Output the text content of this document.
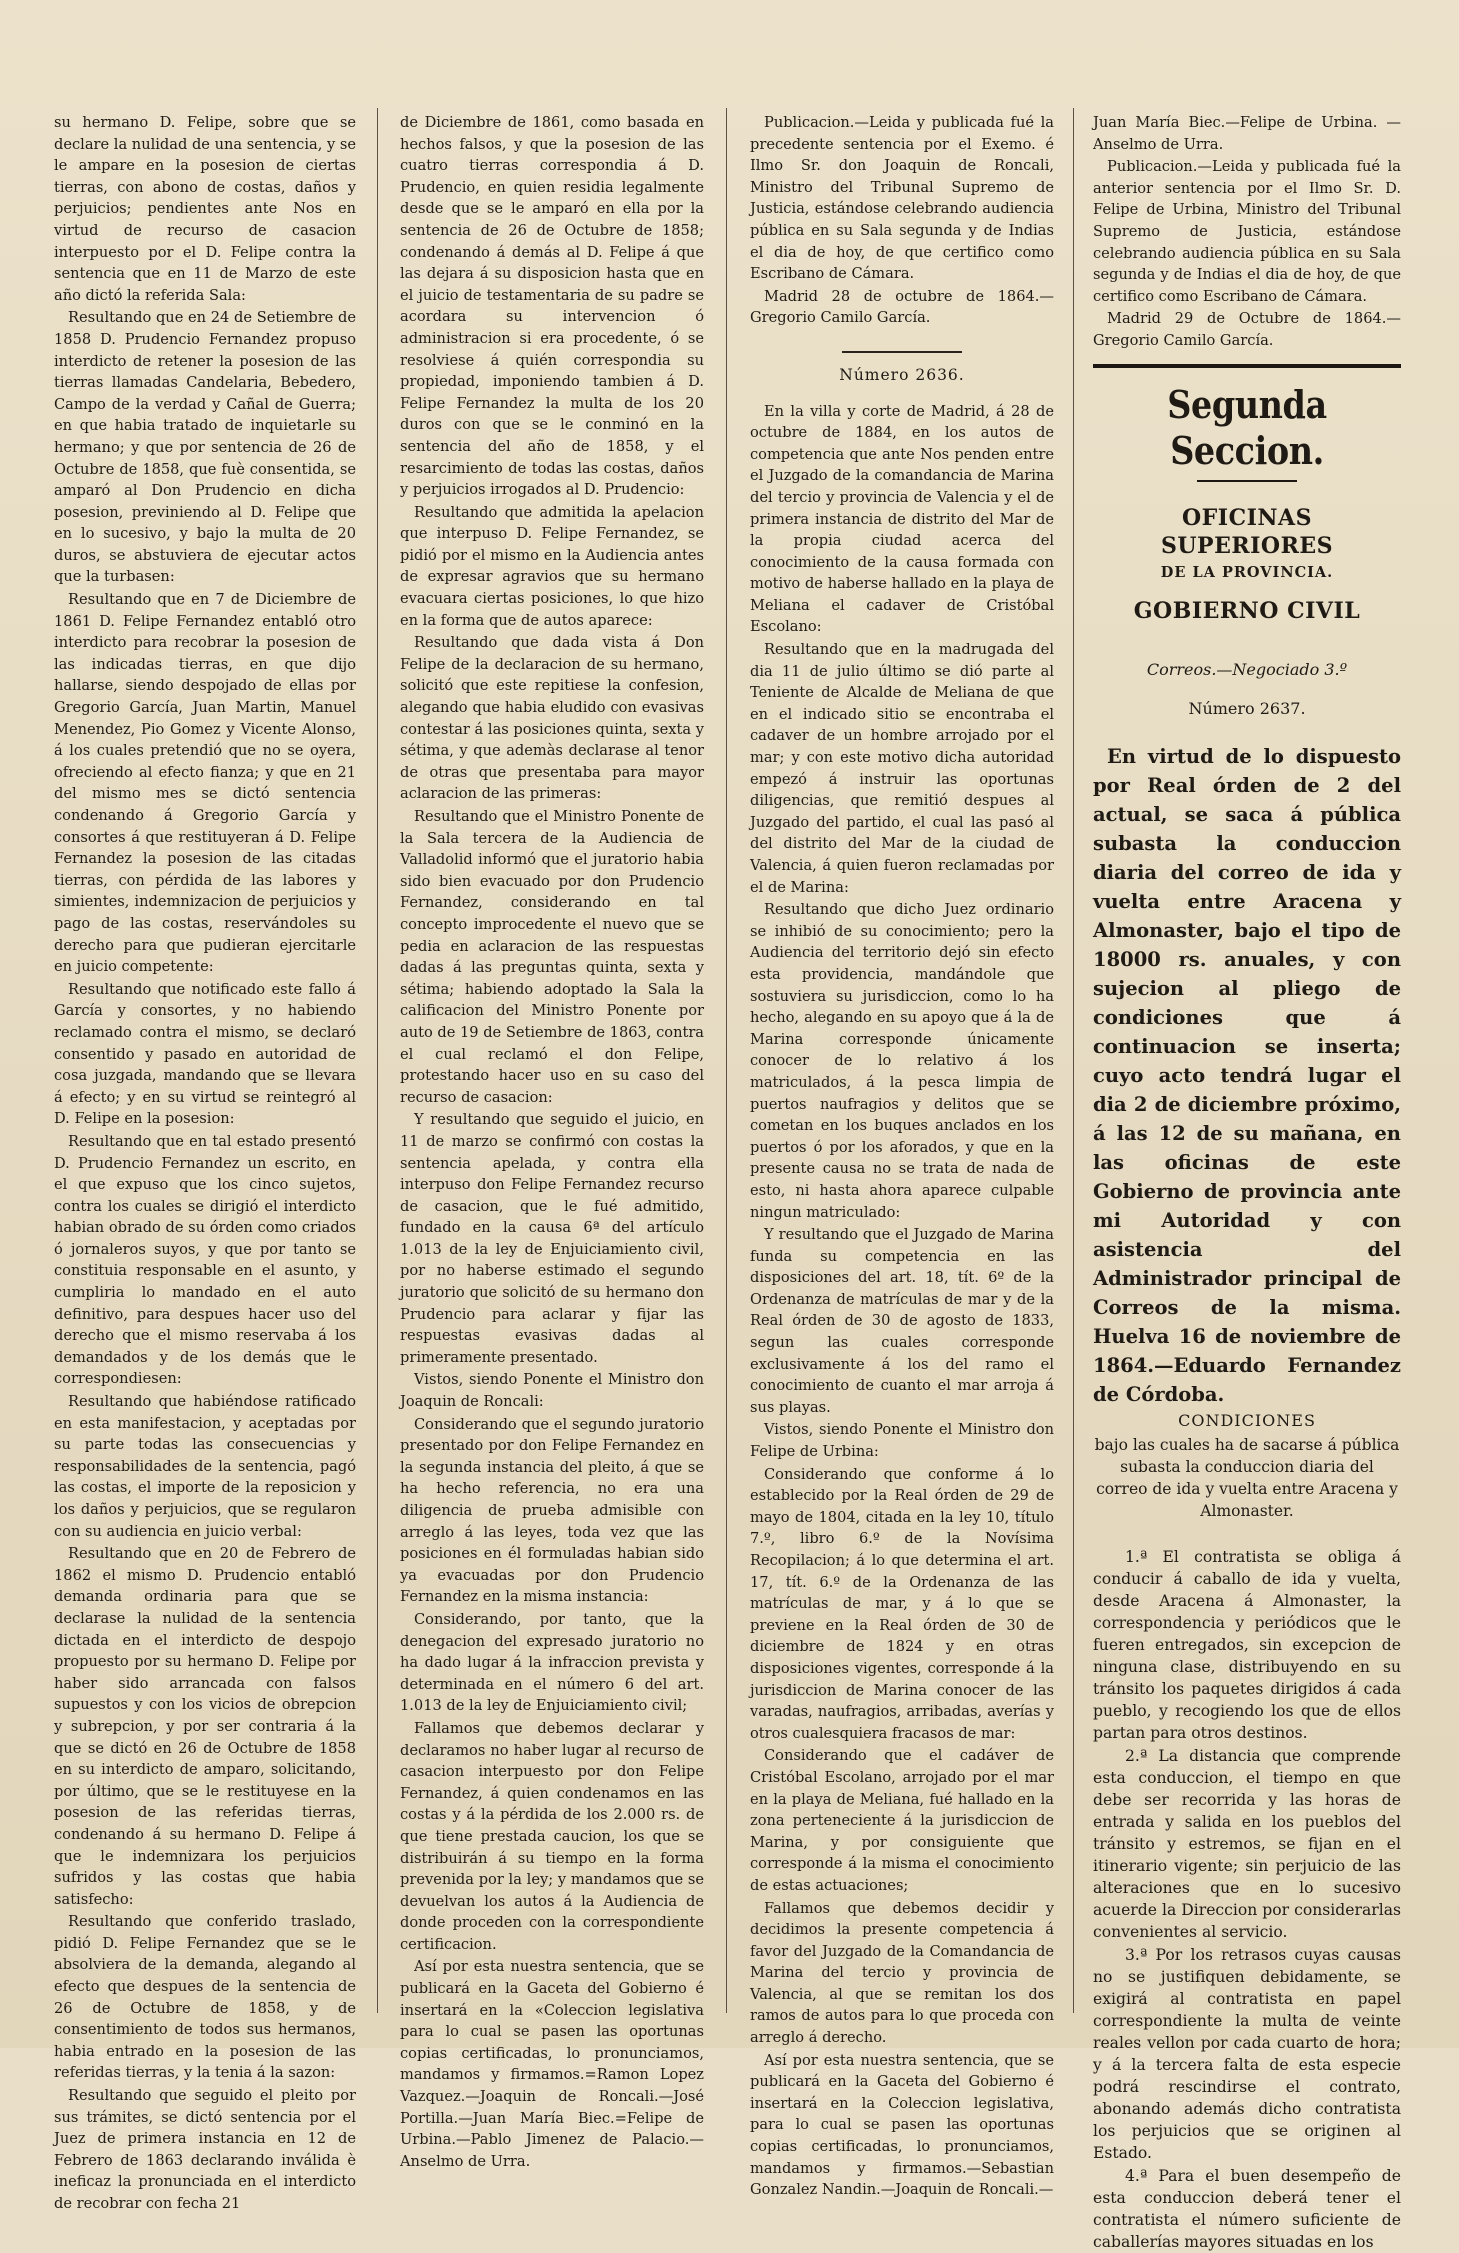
su hermano D. Felipe, sobre que se declare la nulidad de una sentencia, y se le ampare en la posesion de ciertas tierras, con abono de costas, daños y perjuicios; pendientes ante Nos en virtud de recurso de casacion interpuesto por el D. Felipe contra la sentencia que en 11 de Marzo de este año dictó la referida Sala:

Resultando que en 24 de Setiembre de 1858 D. Prudencio Fernandez propuso interdicto de retener la posesion de las tierras llamadas Candelaria, Bebedero, Campo de la verdad y Cañal de Guerra; en que habia tratado de inquietarle su hermano; y que por sentencia de 26 de Octubre de 1858, que fuè consentida, se amparó al Don Prudencio en dicha posesion, previniendo al D. Felipe que en lo sucesivo, y bajo la multa de 20 duros, se abstuviera de ejecutar actos que la turbasen:

Resultando que en 7 de Diciembre de 1861 D. Felipe Fernandez entabló otro interdicto para recobrar la posesion de las indicadas tierras, en que dijo hallarse, siendo despojado de ellas por Gregorio García, Juan Martin, Manuel Menendez, Pio Gomez y Vicente Alonso, á los cuales pretendió que no se oyera, ofreciendo al efecto fianza; y que en 21 del mismo mes se dictó sentencia condenando á Gregorio García y consortes á que restituyeran á D. Felipe Fernandez la posesion de las citadas tierras, con pérdida de las labores y simientes, indemnizacion de perjuicios y pago de las costas, reservándoles su derecho para que pudieran ejercitarle en juicio competente:

Resultando que notificado este fallo á García y consortes, y no habiendo reclamado contra el mismo, se declaró consentido y pasado en autoridad de cosa juzgada, mandando que se llevara á efecto; y en su virtud se reintegró al D. Felipe en la posesion:

Resultando que en tal estado presentó D. Prudencio Fernandez un escrito, en el que expuso que los cinco sujetos, contra los cuales se dirigió el interdicto habian obrado de su órden como criados ó jornaleros suyos, y que por tanto se constituia responsable en el asunto, y cumpliria lo mandado en el auto definitivo, para despues hacer uso del derecho que el mismo reservaba á los demandados y de los demás que le correspondiesen:

Resultando que habiéndose ratificado en esta manifestacion, y aceptadas por su parte todas las consecuencias y responsabilidades de la sentencia, pagó las costas, el importe de la reposicion y los daños y perjuicios, que se regularon con su audiencia en juicio verbal:

Resultando que en 20 de Febrero de 1862 el mismo D. Prudencio entabló demanda ordinaria para que se declarase la nulidad de la sentencia dictada en el interdicto de despojo propuesto por su hermano D. Felipe por haber sido arrancada con falsos supuestos y con los vicios de obrepcion y subrepcion, y por ser contraria á la que se dictó en 26 de Octubre de 1858 en su interdicto de amparo, solicitando, por último, que se le restituyese en la posesion de las referidas tierras, condenando á su hermano D. Felipe á que le indemnizara los perjuicios sufridos y las costas que habia satisfecho:

Resultando que conferido traslado, pidió D. Felipe Fernandez que se le absolviera de la demanda, alegando al efecto que despues de la sentencia de 26 de Octubre de 1858, y de consentimiento de todos sus hermanos, habia entrado en la posesion de las referidas tierras, y la tenia á la sazon:

Resultando que seguido el pleito por sus trámites, se dictó sentencia por el Juez de primera instancia en 12 de Febrero de 1863 declarando inválida è ineficaz la pronunciada en el interdicto de recobrar con fecha 21

de Diciembre de 1861, como basada en hechos falsos, y que la posesion de las cuatro tierras correspondia á D. Prudencio, en quien residia legalmente desde que se le amparó en ella por la sentencia de 26 de Octubre de 1858; condenando á demás al D. Felipe á que las dejara á su disposicion hasta que en el juicio de testamentaria de su padre se acordara su intervencion ó administracion si era procedente, ó se resolviese á quién correspondia su propiedad, imponiendo tambien á D. Felipe Fernandez la multa de los 20 duros con que se le conminó en la sentencia del año de 1858, y el resarcimiento de todas las costas, daños y perjuicios irrogados al D. Prudencio:

Resultando que admitida la apelacion que interpuso D. Felipe Fernandez, se pidió por el mismo en la Audiencia antes de expresar agravios que su hermano evacuara ciertas posiciones, lo que hizo en la forma que de autos aparece:

Resultando que dada vista á Don Felipe de la declaracion de su hermano, solicitó que este repitiese la confesion, alegando que habia eludido con evasivas contestar á las posiciones quinta, sexta y sétima, y que ademàs declarase al tenor de otras que presentaba para mayor aclaracion de las primeras:

Resultando que el Ministro Ponente de la Sala tercera de la Audiencia de Valladolid informó que el juratorio habia sido bien evacuado por don Prudencio Fernandez, considerando en tal concepto improcedente el nuevo que se pedia en aclaracion de las respuestas dadas á las preguntas quinta, sexta y sétima; habiendo adoptado la Sala la calificacion del Ministro Ponente por auto de 19 de Setiembre de 1863, contra el cual reclamó el don Felipe, protestando hacer uso en su caso del recurso de casacion:

Y resultando que seguido el juicio, en 11 de marzo se confirmó con costas la sentencia apelada, y contra ella interpuso don Felipe Fernandez recurso de casacion, que le fué admitido, fundado en la causa 6ª del artículo 1.013 de la ley de Enjuiciamiento civil, por no haberse estimado el segundo juratorio que solicitó de su hermano don Prudencio para aclarar y fijar las respuestas evasivas dadas al primeramente presentado.

Vistos, siendo Ponente el Ministro don Joaquin de Roncali:

Considerando que el segundo juratorio presentado por don Felipe Fernandez en la segunda instancia del pleito, á que se ha hecho referencia, no era una diligencia de prueba admisible con arreglo á las leyes, toda vez que las posiciones en él formuladas habian sido ya evacuadas por don Prudencio Fernandez en la misma instancia:

Considerando, por tanto, que la denegacion del expresado juratorio no ha dado lugar á la infraccion prevista y determinada en el número 6 del art. 1.013 de la ley de Enjuiciamiento civil;

Fallamos que debemos declarar y declaramos no haber lugar al recurso de casacion interpuesto por don Felipe Fernandez, á quien condenamos en las costas y á la pérdida de los 2.000 rs. de que tiene prestada caucion, los que se distribuirán á su tiempo en la forma prevenida por la ley; y mandamos que se devuelvan los autos á la Audiencia de donde proceden con la correspondiente certificacion.

Así por esta nuestra sentencia, que se publicará en la Gaceta del Gobierno é insertará en la «Coleccion legislativa para lo cual se pasen las oportunas copias certificadas, lo pronunciamos, mandamos y firmamos.=Ramon Lopez Vazquez.—Joaquin de Roncali.—José Portilla.—Juan María Biec.=Felipe de Urbina.—Pablo Jimenez de Palacio.—Anselmo de Urra.

Publicacion.—Leida y publicada fué la precedente sentencia por el Exemo. é Ilmo Sr. don Joaquin de Roncali, Ministro del Tribunal Supremo de Justicia, estándose celebrando audiencia pública en su Sala segunda y de Indias el dia de hoy, de que certifico como Escribano de Cámara.

Madrid 28 de octubre de 1864.—Gregorio Camilo García.

Número 2636.

En la villa y corte de Madrid, á 28 de octubre de 1884, en los autos de competencia que ante Nos penden entre el Juzgado de la comandancia de Marina del tercio y provincia de Valencia y el de primera instancia de distrito del Mar de la propia ciudad acerca del conocimiento de la causa formada con motivo de haberse hallado en la playa de Meliana el cadaver de Cristóbal Escolano:

Resultando que en la madrugada del dia 11 de julio último se dió parte al Teniente de Alcalde de Meliana de que en el indicado sitio se encontraba el cadaver de un hombre arrojado por el mar; y con este motivo dicha autoridad empezó á instruir las oportunas diligencias, que remitió despues al Juzgado del partido, el cual las pasó al del distrito del Mar de la ciudad de Valencia, á quien fueron reclamadas por el de Marina:

Resultando que dicho Juez ordinario se inhibió de su conocimiento; pero la Audiencia del territorio dejó sin efecto esta providencia, mandándole que sostuviera su jurisdiccion, como lo ha hecho, alegando en su apoyo que á la de Marina corresponde únicamente conocer de lo relativo á los matriculados, á la pesca limpia de puertos naufragios y delitos que se cometan en los buques anclados en los puertos ó por los aforados, y que en la presente causa no se trata de nada de esto, ni hasta ahora aparece culpable ningun matriculado:

Y resultando que el Juzgado de Marina funda su competencia en las disposiciones del art. 18, tít. 6º de la Ordenanza de matrículas de mar y de la Real órden de 30 de agosto de 1833, segun las cuales corresponde exclusivamente á los del ramo el conocimiento de cuanto el mar arroja á sus playas.

Vistos, siendo Ponente el Ministro don Felipe de Urbina:

Considerando que conforme á lo establecido por la Real órden de 29 de mayo de 1804, citada en la ley 10, título 7.º, libro 6.º de la Novísima Recopilacion; á lo que determina el art. 17, tít. 6.º de la Ordenanza de las matrículas de mar, y á lo que se previene en la Real órden de 30 de diciembre de 1824 y en otras disposiciones vigentes, corresponde á la jurisdiccion de Marina conocer de las varadas, naufragios, arribadas, averías y otros cualesquiera fracasos de mar:

Considerando que el cadáver de Cristóbal Escolano, arrojado por el mar en la playa de Meliana, fué hallado en la zona perteneciente á la jurisdiccion de Marina, y por consiguiente que corresponde á la misma el conocimiento de estas actuaciones;

Fallamos que debemos decidir y decidimos la presente competencia á favor del Juzgado de la Comandancia de Marina del tercio y provincia de Valencia, al que se remitan los dos ramos de autos para lo que proceda con arreglo á derecho.

Así por esta nuestra sentencia, que se publicará en la Gaceta del Gobierno é insertará en la Coleccion legislativa, para lo cual se pasen las oportunas copias certificadas, lo pronunciamos, mandamos y firmamos.—Sebastian Gonzalez Nandin.—Joaquin de Roncali.—

Juan María Biec.—Felipe de Urbina. —Anselmo de Urra.

Publicacion.—Leida y publicada fué la anterior sentencia por el Ilmo Sr. D. Felipe de Urbina, Ministro del Tribunal Supremo de Justicia, estándose celebrando audiencia pública en su Sala segunda y de Indias el dia de hoy, de que certifico como Escribano de Cámara.

Madrid 29 de Octubre de 1864.—Gregorio Camilo García.

Segunda Seccion.
OFICINAS SUPERIORES
DE LA PROVINCIA.
GOBIERNO CIVIL
Correos.—Negociado 3.º
Número 2637.

En virtud de lo dispuesto por Real órden de 2 del actual, se saca á pública subasta la conduccion diaria del correo de ida y vuelta entre Aracena y Almonaster, bajo el tipo de 18000 rs. anuales, y con sujecion al pliego de condiciones que á continuacion se inserta; cuyo acto tendrá lugar el dia 2 de diciembre próximo, á las 12 de su mañana, en las oficinas de este Gobierno de provincia ante mi Autoridad y con asistencia del Administrador principal de Correos de la misma. Huelva 16 de noviembre de 1864.—Eduardo Fernandez de Córdoba.

CONDICIONES
bajo las cuales ha de sacarse á pública subasta la conduccion diaria del correo de ida y vuelta entre Aracena y Almonaster.

1.ª El contratista se obliga á conducir á caballo de ida y vuelta, desde Aracena á Almonaster, la correspondencia y periódicos que le fueren entregados, sin excepcion de ninguna clase, distribuyendo en su tránsito los paquetes dirigidos á cada pueblo, y recogiendo los que de ellos partan para otros destinos.

2.ª La distancia que comprende esta conduccion, el tiempo en que debe ser recorrida y las horas de entrada y salida en los pueblos del tránsito y estremos, se fijan en el itinerario vigente; sin perjuicio de las alteraciones que en lo sucesivo acuerde la Direccion por considerarlas convenientes al servicio.

3.ª Por los retrasos cuyas causas no se justifiquen debidamente, se exigirá al contratista en papel correspondiente la multa de veinte reales vellon por cada cuarto de hora; y á la tercera falta de esta especie podrá rescindirse el contrato, abonando además dicho contratista los perjuicios que se originen al Estado.

4.ª Para el buen desempeño de esta conduccion deberá tener el contratista el número suficiente de caballerías mayores situadas en los
